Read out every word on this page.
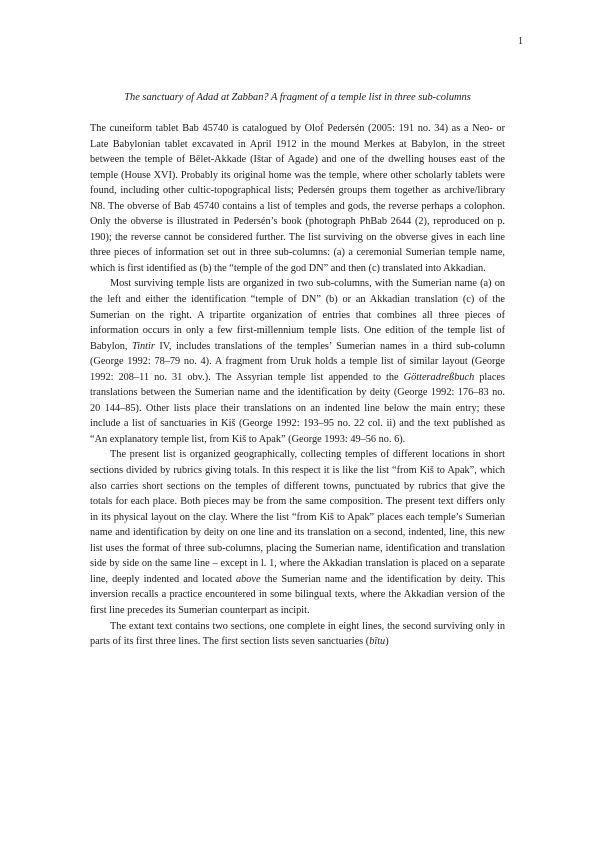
1
The sanctuary of Adad at Zabban? A fragment of a temple list in three sub-columns

The cuneiform tablet Bab 45740 is catalogued by Olof Pedersén (2005: 191 no. 34) as a Neo- or Late Babylonian tablet excavated in April 1912 in the mound Merkes at Babylon, in the street between the temple of Bēlet-Akkade (Ištar of Agade) and one of the dwelling houses east of the temple (House XVI). Probably its original home was the temple, where other scholarly tablets were found, including other cultic-topographical lists; Pedersén groups them together as archive/library N8. The obverse of Bab 45740 contains a list of temples and gods, the reverse perhaps a colophon. Only the obverse is illustrated in Pedersén’s book (photograph PhBab 2644 (2), reproduced on p. 190); the reverse cannot be considered further. The list surviving on the obverse gives in each line three pieces of information set out in three sub-columns: (a) a ceremonial Sumerian temple name, which is first identified as (b) the “temple of the god DN” and then (c) translated into Akkadian.

Most surviving temple lists are organized in two sub-columns, with the Sumerian name (a) on the left and either the identification “temple of DN” (b) or an Akkadian translation (c) of the Sumerian on the right. A tripartite organization of entries that combines all three pieces of information occurs in only a few first-millennium temple lists. One edition of the temple list of Babylon, Tintir IV, includes translations of the temples’ Sumerian names in a third sub-column (George 1992: 78–79 no. 4). A fragment from Uruk holds a temple list of similar layout (George 1992: 208–11 no. 31 obv.). The Assyrian temple list appended to the Götteradreßbuch places translations between the Sumerian name and the identification by deity (George 1992: 176–83 no. 20 144–85). Other lists place their translations on an indented line below the main entry; these include a list of sanctuaries in Kiš (George 1992: 193–95 no. 22 col. ii) and the text published as “An explanatory temple list, from Kiš to Apak” (George 1993: 49–56 no. 6).

The present list is organized geographically, collecting temples of different locations in short sections divided by rubrics giving totals. In this respect it is like the list “from Kiš to Apak”, which also carries short sections on the temples of different towns, punctuated by rubrics that give the totals for each place. Both pieces may be from the same composition. The present text differs only in its physical layout on the clay. Where the list “from Kiš to Apak” places each temple’s Sumerian name and identification by deity on one line and its translation on a second, indented, line, this new list uses the format of three sub-columns, placing the Sumerian name, identification and translation side by side on the same line – except in l. 1, where the Akkadian translation is placed on a separate line, deeply indented and located above the Sumerian name and the identification by deity. This inversion recalls a practice encountered in some bilingual texts, where the Akkadian version of the first line precedes its Sumerian counterpart as incipit.

The extant text contains two sections, one complete in eight lines, the second surviving only in parts of its first three lines. The first section lists seven sanctuaries (bītu)
